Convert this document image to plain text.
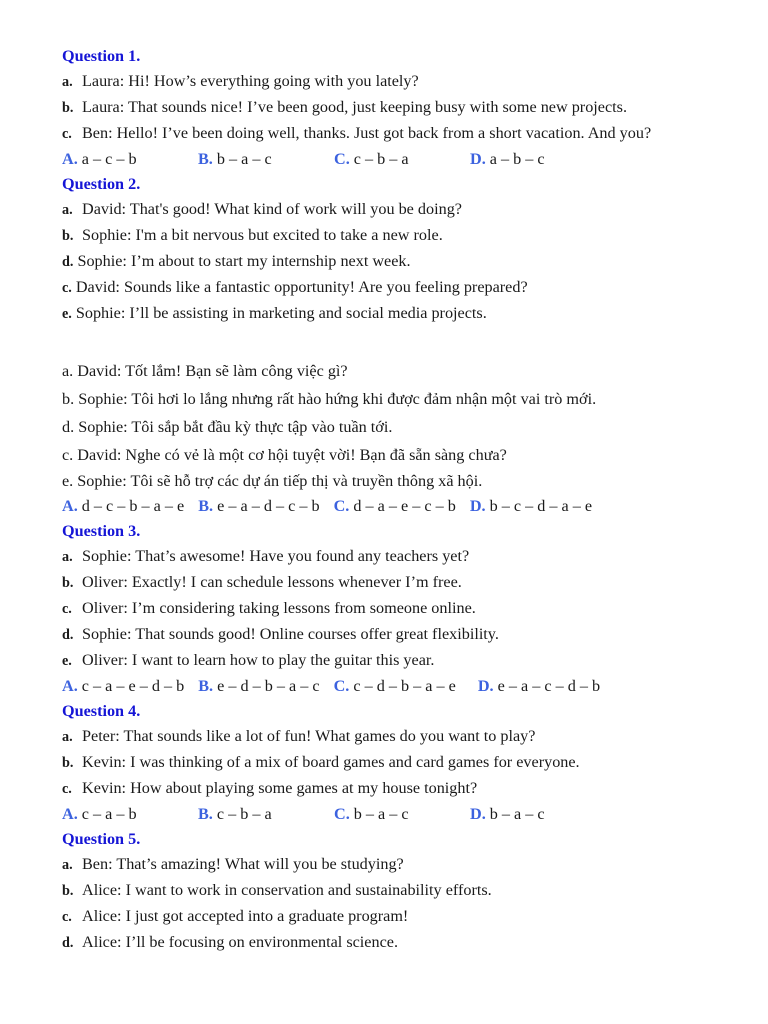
Question 1.
a. Laura: Hi! How’s everything going with you lately?
b. Laura: That sounds nice! I’ve been good, just keeping busy with some new projects.
c. Ben: Hello! I’ve been doing well, thanks. Just got back from a short vacation. And you?
A. a – c – b	B. b – a – c	C. c – b – a	D. a – b – c
Question 2.
a. David: That's good! What kind of work will you be doing?
b. Sophie: I'm a bit nervous but excited to take a new role.
d. Sophie: I’m about to start my internship next week.
c. David: Sounds like a fantastic opportunity! Are you feeling prepared?
e. Sophie: I’ll be assisting in marketing and social media projects.
a. David: Tốt lắm! Bạn sẽ làm công việc gì?
b. Sophie: Tôi hơi lo lắng nhưng rất hào hứng khi được đảm nhận một vai trò mới.
d. Sophie: Tôi sắp bắt đầu kỳ thực tập vào tuần tới.
c. David: Nghe có vẻ là một cơ hội tuyệt vời! Bạn đã sẵn sàng chưa?
e. Sophie: Tôi sẽ hỗ trợ các dự án tiếp thị và truyền thông xã hội.
A. d – c – b – a – e B. e – a – d – c – b C. d – a – e – c – b D. b – c – d – a – e
Question 3.
a. Sophie: That’s awesome! Have you found any teachers yet?
b. Oliver: Exactly! I can schedule lessons whenever I’m free.
c. Oliver: I’m considering taking lessons from someone online.
d. Sophie: That sounds good! Online courses offer great flexibility.
e. Oliver: I want to learn how to play the guitar this year.
A. c – a – e – d – b B. e – d – b – a – c C. c – d – b – a – e D. e – a – c – d – b
Question 4.
a. Peter: That sounds like a lot of fun! What games do you want to play?
b. Kevin: I was thinking of a mix of board games and card games for everyone.
c. Kevin: How about playing some games at my house tonight?
A. c – a – b	B. c – b – a	C. b – a – c	D. b – a – c
Question 5.
a. Ben: That’s amazing! What will you be studying?
b. Alice: I want to work in conservation and sustainability efforts.
c. Alice: I just got accepted into a graduate program!
d. Alice: I’ll be focusing on environmental science.
